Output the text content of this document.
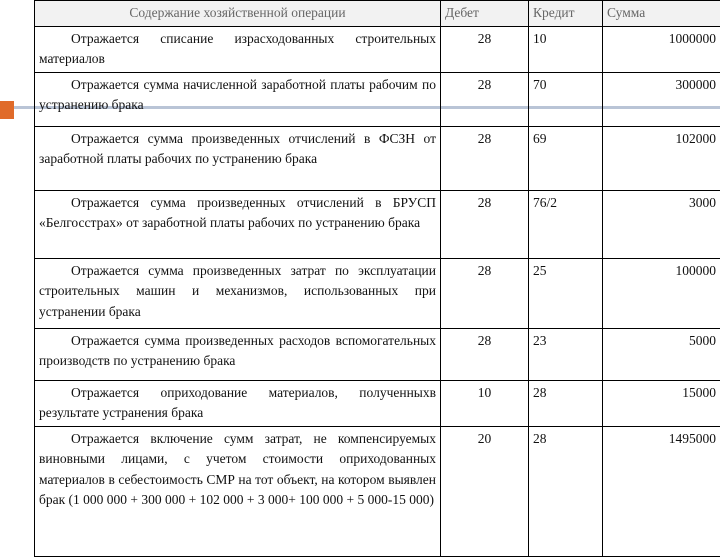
Содержание хозяйственной операции	Дебет	Кредит	Сумма
Отражается списание израсходованных строительных материалов	28	10	1000000
Отражается сумма начисленной заработной платы рабочим по устранению брака	28	70	300000
Отражается сумма произведенных отчислений в ФСЗН от заработной платы рабочих по устранению брака	28	69	102000
Отражается сумма произведенных отчислений в БРУСП «Белгосстрах» от заработной платы рабочих по устранению брака	28	76/2	3000
Отражается сумма произведенных затрат по эксплуатации строительных машин и механизмов, использованных при устранении брака	28	25	100000
Отражается сумма произведенных расходов вспомогательных производств по устранению брака	28	23	5000
Отражается оприходование материалов, полученныхв результате устранения брака	10	28	15000
Отражается включение сумм затрат, не компенсируемых виновными лицами, с учетом стоимости оприходованных материалов в себестоимость СМР на тот объект, на котором выявлен брак (1 000 000 + 300 000 + 102 000 + 3 000+ 100 000 + 5 000-15 000)	20	28	1495000
